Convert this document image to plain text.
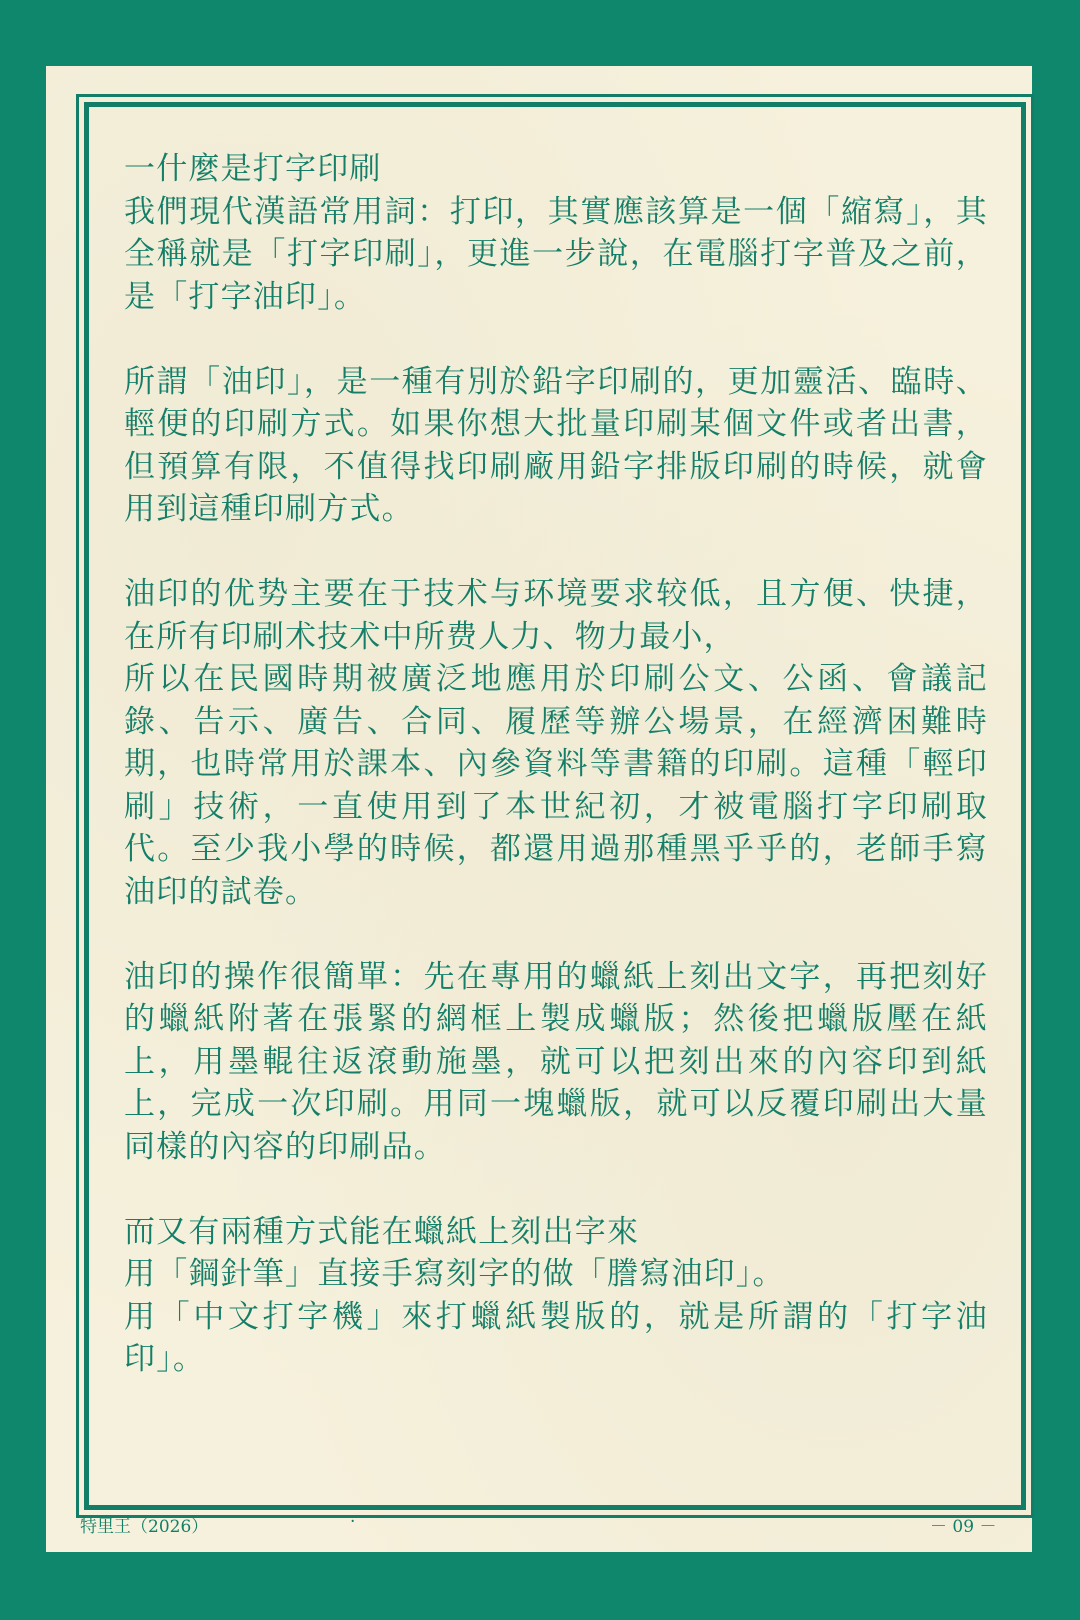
一什麼是打字印刷
我們現代漢語常用詞：打印，其實應該算是一個「縮寫」，其全稱就是「打字印刷」，更進一步說，在電腦打字普及之前，是「打字油印」。

所謂「油印」，是一種有別於鉛字印刷的，更加靈活、臨時、輕便的印刷方式。如果你想大批量印刷某個文件或者出書，但預算有限，不值得找印刷廠用鉛字排版印刷的時候，就會用到這種印刷方式。

油印的优势主要在于技术与环境要求较低，且方便、快捷，在所有印刷术技术中所费人力、物力最小，
所以在民國時期被廣泛地應用於印刷公文、公函、會議記錄、告示、廣告、合同、履歷等辦公場景，在經濟困難時期，也時常用於課本、內參資料等書籍的印刷。這種「輕印刷」技術，一直使用到了本世紀初，才被電腦打字印刷取代。至少我小學的時候，都還用過那種黑乎乎的，老師手寫油印的試卷。

油印的操作很簡單：先在專用的蠟紙上刻出文字，再把刻好的蠟紙附著在張緊的網框上製成蠟版；然後把蠟版壓在紙上，用墨輥往返滾動施墨，就可以把刻出來的內容印到紙上，完成一次印刷。用同一塊蠟版，就可以反覆印刷出大量同樣的內容的印刷品。

而又有兩種方式能在蠟紙上刻出字來
用「鋼針筆」直接手寫刻字的做「謄寫油印」。
用「中文打字機」來打蠟紙製版的，就是所謂的「打字油印」。

特里王（2026）	·	－ 09 －
